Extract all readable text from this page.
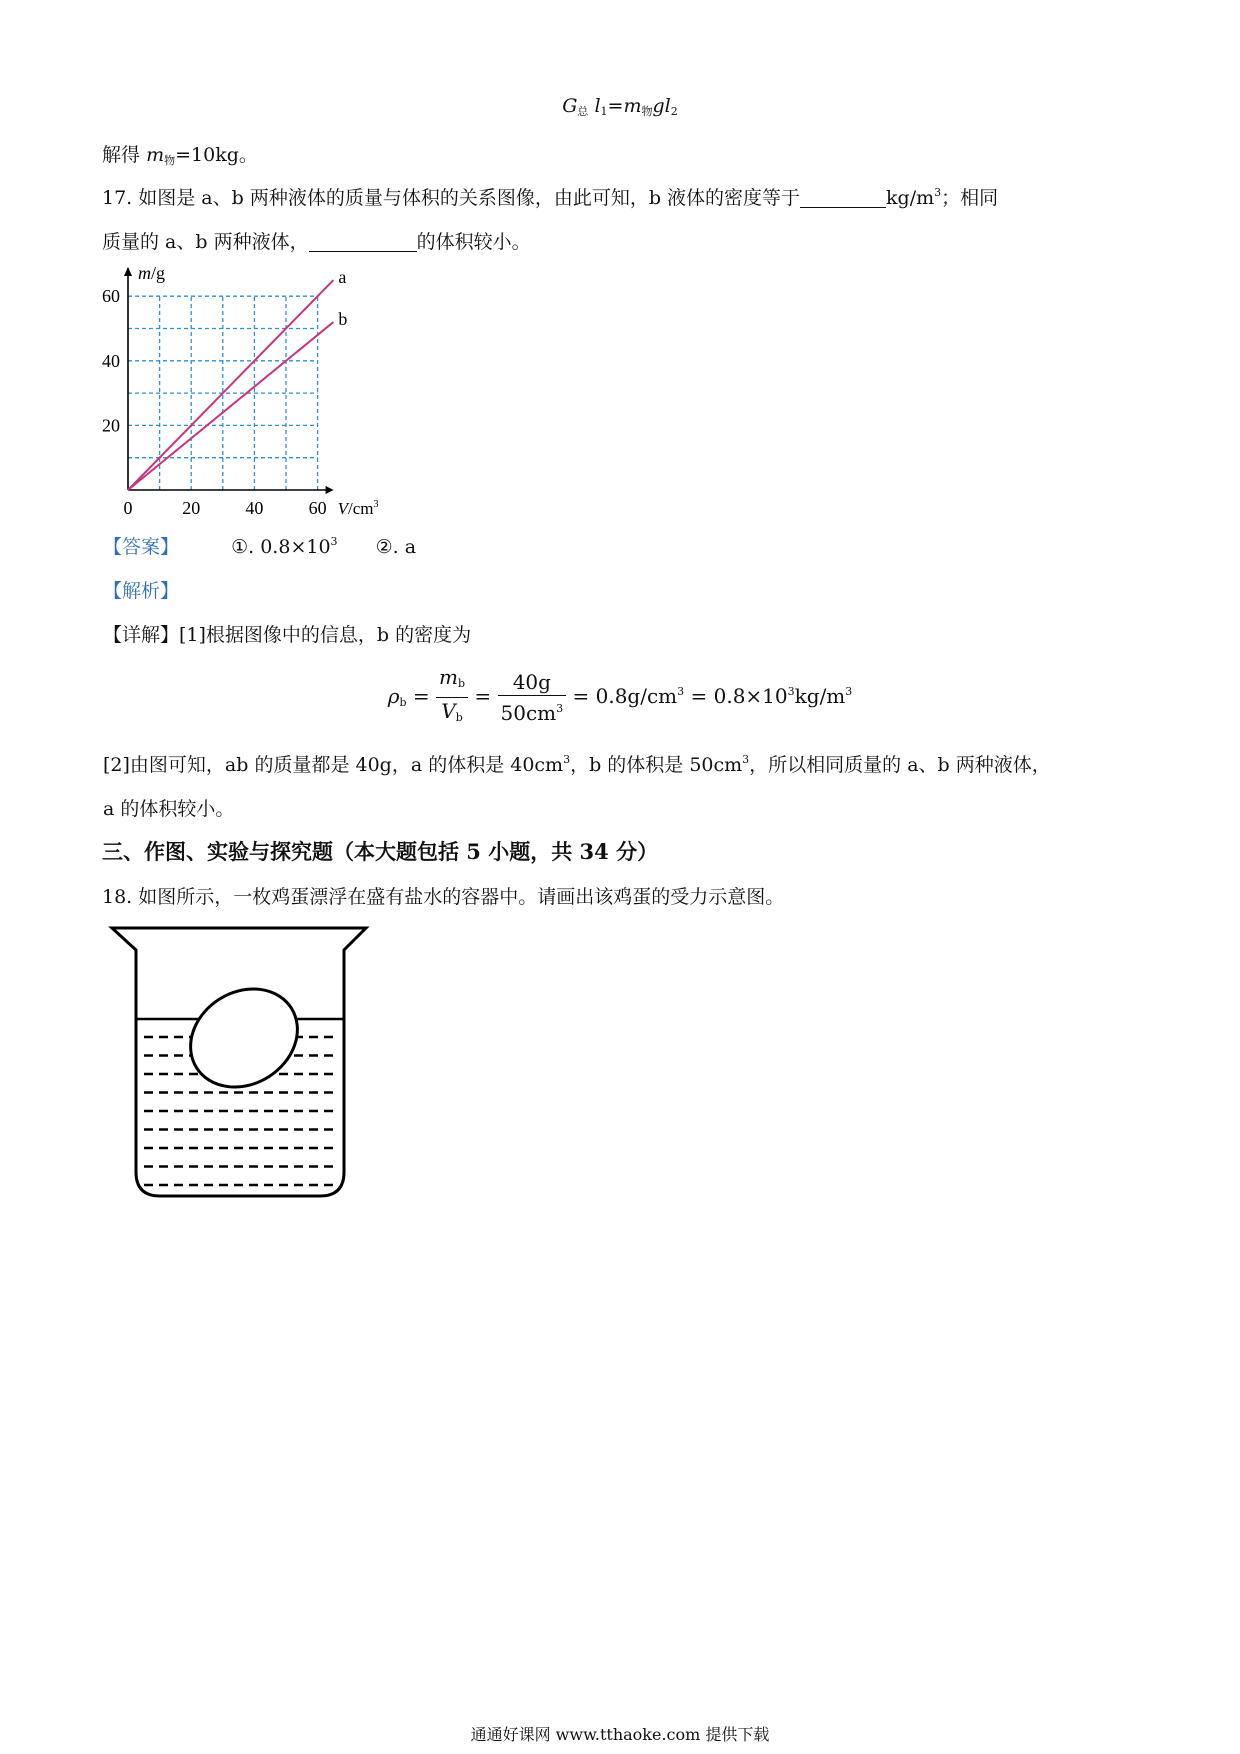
$G_总$ $l_1=m_物gl_2$
解得 $m_物=10kg$。
17. 如图是 a、b 两种液体的质量与体积的关系图像，由此可知，b 液体的密度等于	$kg/m^3$；相同
质量的 a、b 两种液体，	的体积较小。
a
b
20	40	60
20
40
60
0
m/g
$V/cm^3$
【答案】	①. $0.8\times 10^3$ ②. a
【解析】
【详解】[1]根据图像中的信息，b 的密度为
$\rho_b = \frac{m_b}{V_b} = \frac{40g}{50cm^3} = 0.8g/cm^3 = 0.8\times 10^3kg/m^3$
[2]由图可知，ab 的质量都是 40g，a 的体积是 $40cm^3$，b 的体积是 $50cm^3$，所以相同质量的 a、b 两种液体，
a 的体积较小。
三、作图、实验与探究题（本大题包括 5 小题，共 34 分）
18. 如图所示，一枚鸡蛋漂浮在盛有盐水的容器中。请画出该鸡蛋的受力示意图。
通通好课网 www.tthaoke.com 提供下载
